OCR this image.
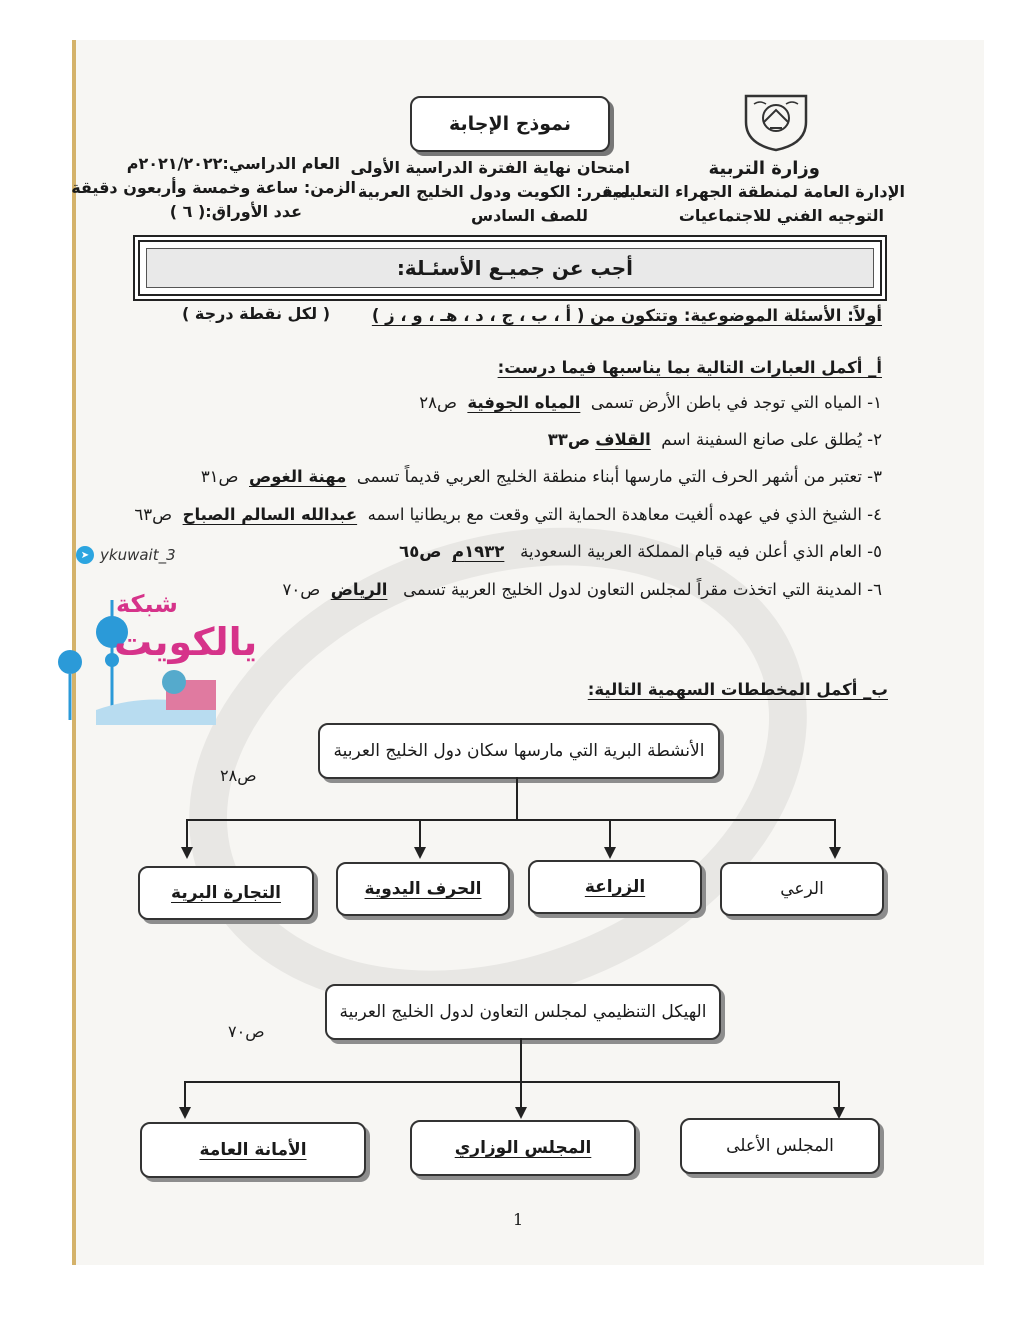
نموذج الإجابة
وزارة التربية
الإدارة العامة لمنطقة الجهراء التعليمية
التوجيه الفني للاجتماعيات
امتحان نهاية الفترة الدراسية الأولى
لمقرر: الكويت ودول الخليج العربية
للصف السادس
العام الدراسي:٢٠٢١/٢٠٢٢م
الزمن: ساعة وخمسة وأربعون دقيقة
عدد الأوراق:( ٦ )
أجب عن جميـع الأسئـلة:
أولاً: الأسئلة الموضوعية: وتتكون من ( أ ، ب ، ج ، د ، هـ ، و ، ز )
( لكل نقطة درجة )
أ_ أكمل العبارات التالية بما يناسبها فيما درست:
١- المياه التي توجد في باطن الأرض تسمى  المياه الجوفية  ص٢٨
٢- يُطلق على صانع السفينة اسم  القلاف ص٣٣
٣- تعتبر من أشهر الحرف التي مارسها أبناء منطقة الخليج العربي قديماً تسمى  مهنة الغوص  ص٣١
٤- الشيخ الذي في عهده ألغيت معاهدة الحماية التي وقعت مع بريطانيا اسمه  عبدالله السالم الصباح  ص٦٣
٥- العام الذي أعلن فيه قيام المملكة العربية السعودية   ١٩٣٢م  ص٦٥
٦- المدينة التي اتخذت مقراً لمجلس التعاون لدول الخليج العربية تسمى   الرياض  ص٧٠
➤ ykuwait_3
شبكة
يالكويت
ب_ أكمل المخططات السهمية التالية:
الأنشطة البرية التي مارسها سكان دول الخليج العربية
ص٢٨
الرعي
الزراعة
الحرف اليدوية
التجارة البرية
الهيكل التنظيمي لمجلس التعاون لدول الخليج العربية
ص٧٠
المجلس الأعلى
المجلس الوزاري
الأمانة العامة
1
